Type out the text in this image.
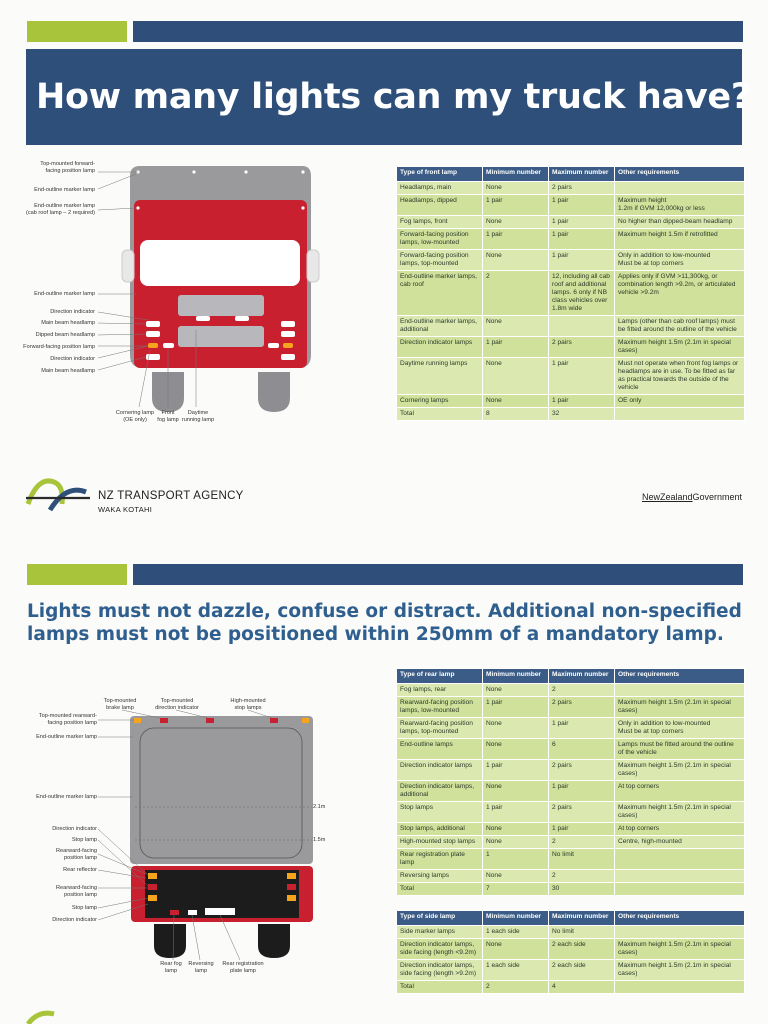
How many lights can my truck have?
Top-mounted forward-
facing position lamp
End-outline marker lamp
End-outline marker lamp
(cab roof lamp – 2 required)
End-outline marker lamp
Direction indicator
Main beam headlamp
Dipped beam headlamp
Forward-facing position lamp
Direction indicator
Main beam headlamp
Cornering lamp
(OE only)
Front
fog lamp
Daytime
running lamp
Type of front lamp	Minimum number	Maximum number	Other requirements
Headlamps, main	None	2 pairs	
Headlamps, dipped	1 pair	1 pair	Maximum height
1.2m if GVM 12,000kg or less
Fog lamps, front	None	1 pair	No higher than dipped-beam headlamp
Forward-facing position lamps, low-mounted	1 pair	1 pair	Maximum height 1.5m if retrofitted
Forward-facing position lamps, top-mounted	None	1 pair	Only in addition to low-mounted
Must be at top corners
End-outline marker lamps, cab roof	2	12, including all cab roof and additional lamps. 6 only if NB class vehicles over 1.8m wide	Applies only if GVM >11,300kg, or combination length >9.2m, or articulated vehicle >9.2m
End-outline marker lamps, additional	None		Lamps (other than cab roof lamps) must be fitted around the outline of the vehicle
Direction indicator lamps	1 pair	2 pairs	Maximum height 1.5m (2.1m in special cases)
Daytime running lamps	None	1 pair	Must not operate when front fog lamps or headlamps are in use. To be fitted as far as practical towards the outside of the vehicle
Cornering lamps	None	1 pair	OE only
Total	8	32	
NZ TRANSPORT AGENCY
WAKA KOTAHI
NewZealandGovernment
Lights must not dazzle, confuse or distract. Additional non-specified lamps must not be positioned within 250mm of a mandatory lamp.
Top-mounted
brake lamp
Top-mounted
direction indicator
High-mounted
stop lamps
Top-mounted rearward-
facing position lamp
End-outline marker lamp
End-outline marker lamp
Direction indicator
Stop lamp
Rearward-facing
position lamp
Rear reflector
Rearward-facing
position lamp
Stop lamp
Direction indicator
Rear fog
lamp
Reversing
lamp
Rear registration
plate lamp
2.1m
1.5m
Type of rear lamp	Minimum number	Maximum number	Other requirements
Fog lamps, rear	None	2	
Rearward-facing position lamps, low-mounted	1 pair	2 pairs	Maximum height 1.5m (2.1m in special cases)
Rearward-facing position lamps, top-mounted	None	1 pair	Only in addition to low-mounted
Must be at top corners
End-outline lamps	None	6	Lamps must be fitted around the outline of the vehicle
Direction indicator lamps	1 pair	2 pairs	Maximum height 1.5m (2.1m in special cases)
Direction indicator lamps, additional	None	1 pair	At top corners
Stop lamps	1 pair	2 pairs	Maximum height 1.5m (2.1m in special cases)
Stop lamps, additional	None	1 pair	At top corners
High-mounted stop lamps	None	2	Centre, high-mounted
Rear registration plate lamp	1	No limit	
Reversing lamps	None	2	
Total	7	30	
Type of side lamp	Minimum number	Maximum number	Other requirements
Side marker lamps	1 each side	No limit	
Direction indicator lamps, side facing (length <9.2m)	None	2 each side	Maximum height 1.5m (2.1m in special cases)
Direction indicator lamps, side facing (length >9.2m)	1 each side	2 each side	Maximum height 1.5m (2.1m in special cases)
Total	2	4	
